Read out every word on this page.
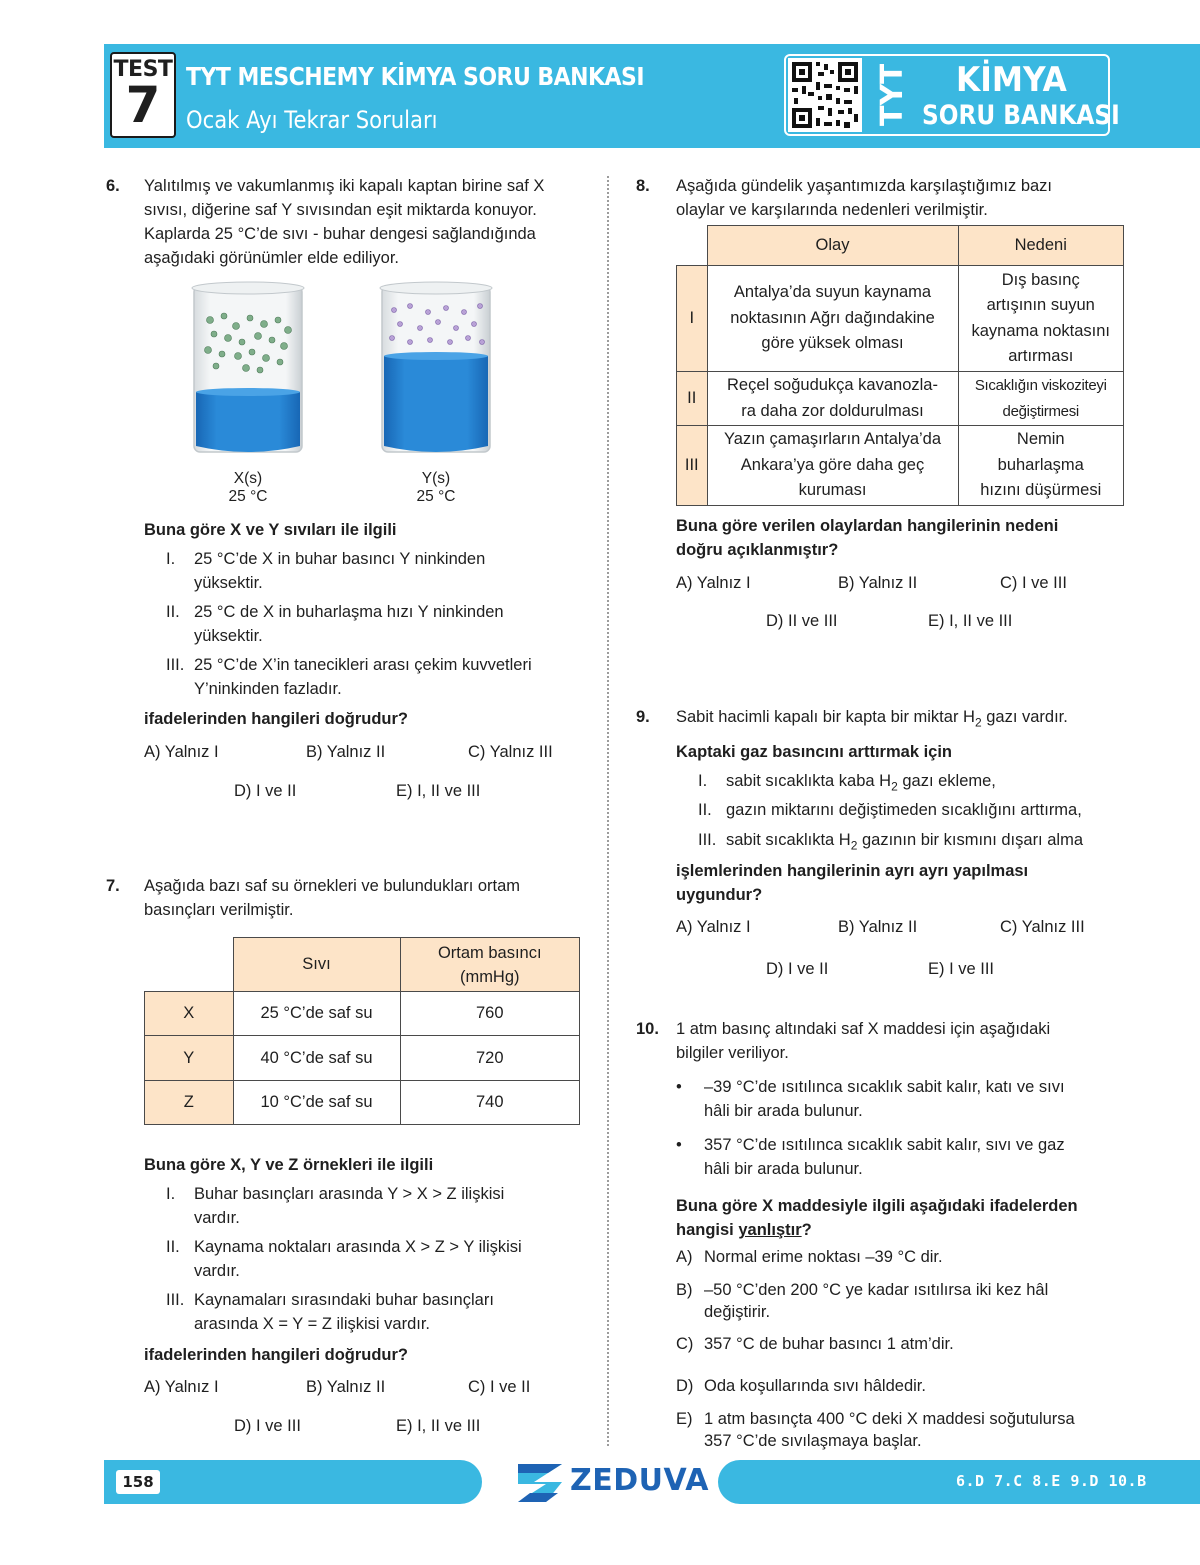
TEST
7	TYT MESCHEMY KİMYA SORU BANKASI
Ocak Ayı Tekrar Soruları	TYT KİMYA
SORU BANKASI
6. Yalıtılmış ve vakumlanmış iki kapalı kaptan birine saf X
sıvısı, diğerine saf Y sıvısından eşit miktarda konuyor.
Kaplarda 25 °C’de sıvı - buhar dengesi sağlandığında
aşağıdaki görünümler elde ediliyor.
X(s)
25 °C
Y(s)
25 °C
Buna göre X ve Y sıvıları ile ilgili
I.	25 °C’de X in buhar basıncı Y ninkinden
yüksektir.
II. 25 °C de X in buharlaşma hızı Y ninkinden
yüksektir.
III. 25 °C’de X’in tanecikleri arası çekim kuvvetleri
Y’ninkinden fazladır.
ifadelerinden hangileri doğrudur?
A) Yalnız I	B) Yalnız II	C) Yalnız III
D) I ve II	E) I, II ve III
7. Aşağıda bazı saf su örnekleri ve bulundukları ortam
basınçları verilmiştir.
	Sıvı	Ortam basıncı
(mmHg)
X	25 °C’de saf su	760
Y	40 °C’de saf su	720
Z	10 °C’de saf su	740
Buna göre X, Y ve Z örnekleri ile ilgili
I.	Buhar basınçları arasında Y > X > Z ilişkisi
vardır.
II. Kaynama noktaları arasında X > Z > Y ilişkisi
vardır.
III. Kaynamaları sırasındaki buhar basınçları
arasında X = Y = Z ilişkisi vardır.
ifadelerinden hangileri doğrudur?
A) Yalnız I	B) Yalnız II	C) I ve II
D) I ve III	E) I, II ve III
8. Aşağıda gündelik yaşantımızda karşılaştığımız bazı
olaylar ve karşılarında nedenleri verilmiştir.
	Olay	Nedeni
I	Antalya’da suyun kaynama
noktasının Ağrı dağındakine
göre yüksek olması	Dış basınç
artışının suyun
kaynama noktasını
artırması
II	Reçel soğudukça kavanozla-
ra daha zor doldurulması	Sıcaklığın viskoziteyi
değiştirmesi
III	Yazın çamaşırların Antalya’da
Ankara’ya göre daha geç
kuruması	Nemin
buharlaşma
hızını düşürmesi
Buna göre verilen olaylardan hangilerinin nedeni
doğru açıklanmıştır?
A) Yalnız I	B) Yalnız II	C) I ve III
D) II ve III	E) I, II ve III
9. Sabit hacimli kapalı bir kapta bir miktar $H_2$ gazı vardır.
Kaptaki gaz basıncını arttırmak için
I. sabit sıcaklıkta kaba $H_2$ gazı ekleme,
II. gazın miktarını değiştimeden sıcaklığını arttırma,
III. sabit sıcaklıkta $H_2$ gazının bir kısmını dışarı alma
işlemlerinden hangilerinin ayrı ayrı yapılması
uygundur?
A) Yalnız I	B) Yalnız II	C) Yalnız III
D) I ve II	E) I ve III
10. 1 atm basınç altındaki saf X maddesi için aşağıdaki
bilgiler veriliyor.
•	–39 °C’de ısıtılınca sıcaklık sabit kalır, katı ve sıvı
hâli bir arada bulunur.
•	357 °C’de ısıtılınca sıcaklık sabit kalır, sıvı ve gaz
hâli bir arada bulunur.
Buna göre X maddesiyle ilgili aşağıdaki ifadelerden
hangisi yanlıştır?
A) Normal erime noktası –39 °C dir.
B) –50 °C’den 200 °C ye kadar ısıtılırsa iki kez hâl
değiştirir.
C) 357 °C de buhar basıncı 1 atm’dir.
D) Oda koşullarında sıvı hâldedir.
E) 1 atm basınçta 400 °C deki X maddesi soğutulursa
357 °C’de sıvılaşmaya başlar.
158	ZEDUVA	6.D 7.C 8.E 9.D 10.B
